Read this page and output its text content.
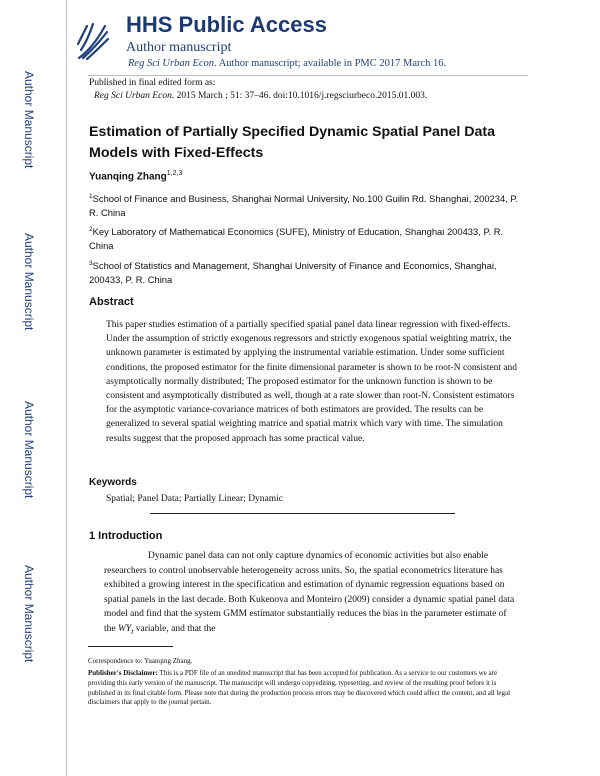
Author Manuscript
Author Manuscript
Author Manuscript
Author Manuscript
HHS Public Access
Author manuscript
Reg Sci Urban Econ. Author manuscript; available in PMC 2017 March 16.
Published in final edited form as:
Reg Sci Urban Econ. 2015 March ; 51: 37–46. doi:10.1016/j.regsciurbeco.2015.01.003.
Estimation of Partially Specified Dynamic Spatial Panel Data Models with Fixed-Effects
Yuanqing Zhang$^{1,2,3}$
$^1$School of Finance and Business, Shanghai Normal University, No.100 Guilin Rd. Shanghai, 200234, P. R. China
$^2$Key Laboratory of Mathematical Economics (SUFE), Ministry of Education, Shanghai 200433, P. R. China
$^3$School of Statistics and Management, Shanghai University of Finance and Economics, Shanghai, 200433, P. R. China
Abstract
This paper studies estimation of a partially specified spatial panel data linear regression with fixed-effects. Under the assumption of strictly exogenous regressors and strictly exogenous spatial weighting matrix, the unknown parameter is estimated by applying the instrumental variable estimation. Under some sufficient conditions, the proposed estimator for the finite dimensional parameter is shown to be root-N consistent and asymptotically normally distributed; The proposed estimator for the unknown function is shown to be consistent and asymptotically distributed as well, though at a rate slower than root-N. Consistent estimators for the asymptotic variance-covariance matrices of both estimators are provided. The results can be generalized to several spatial weighting matrice and spatial matrix which vary with time. The simulation results suggest that the proposed approach has some practical value.
Keywords
Spatial; Panel Data; Partially Linear; Dynamic
1 Introduction
Dynamic panel data can not only capture dynamics of economic activities but also enable researchers to control unobservable heterogeneity across units. So, the spatial econometrics literature has exhibited a growing interest in the specification and estimation of dynamic regression equations based on spatial panels in the last decade. Both Kukenova and Monteiro (2009) consider a dynamic spatial panel data model and find that the system GMM estimator substantially reduces the bias in the parameter estimate of the $WY_t$ variable, and that the
Correspondence to: Yuanqing Zhang.
Publisher's Disclaimer: This is a PDF file of an unedited manuscript that has been accepted for publication. As a service to our customers we are providing this early version of the manuscript. The manuscript will undergo copyediting, typesetting, and review of the resulting proof before it is published in its final citable form. Please note that during the production process errors may be discovered which could affect the content, and all legal disclaimers that apply to the journal pertain.
